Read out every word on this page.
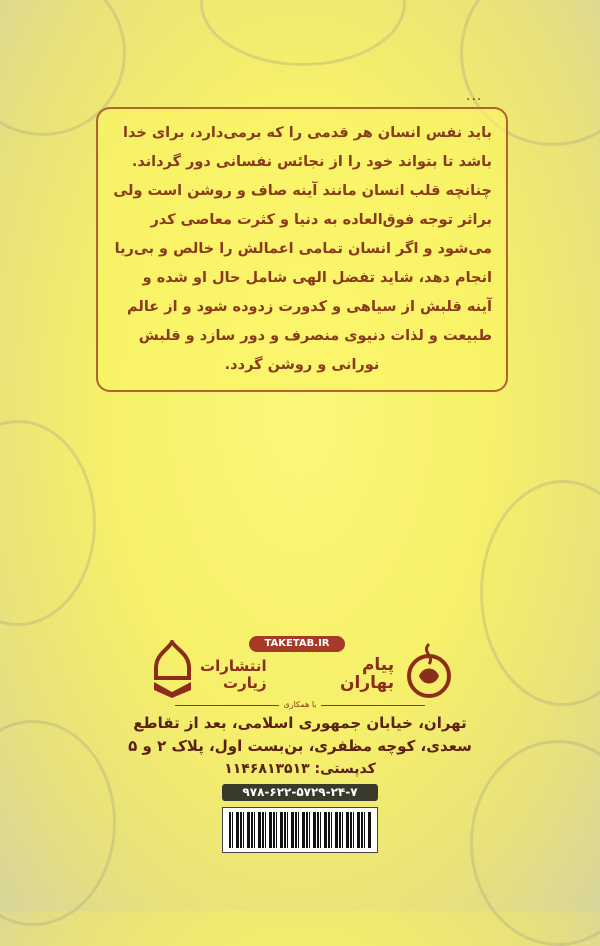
...

باید نفس انسان هر قدمی را که برمی‌دارد، برای خدا

باشد تا بتواند خود را از نجائس نفسانی دور گرداند.

چنانچه قلب انسان مانند آینه صاف و روشن است ولی

براثر توجه فوق‌العاده به دنیا و کثرت معاصی کدر

می‌شود و اگر انسان تمامی اعمالش را خالص و بی‌ریا

انجام دهد، شاید تفضل الهی شامل حال او شده و

آینه قلبش از سیاهی و کدورت زدوده شود و از عالم

طبیعت و لذات دنیوی منصرف و دور سازد و قلبش

نورانی و روشن گردد.

TAKETAB.IR
انتشارات
زیارت
پیام
بهاران
با همکاری
تهران، خیابان جمهوری اسلامی، بعد از تقاطع
سعدی، کوچه مظفری، بن‌بست اول، پلاک ۲ و ۵
کدپستی: ۱۱۴۶۸۱۳۵۱۳
۹۷۸-۶۲۲-۵۷۲۹-۲۴-۷
